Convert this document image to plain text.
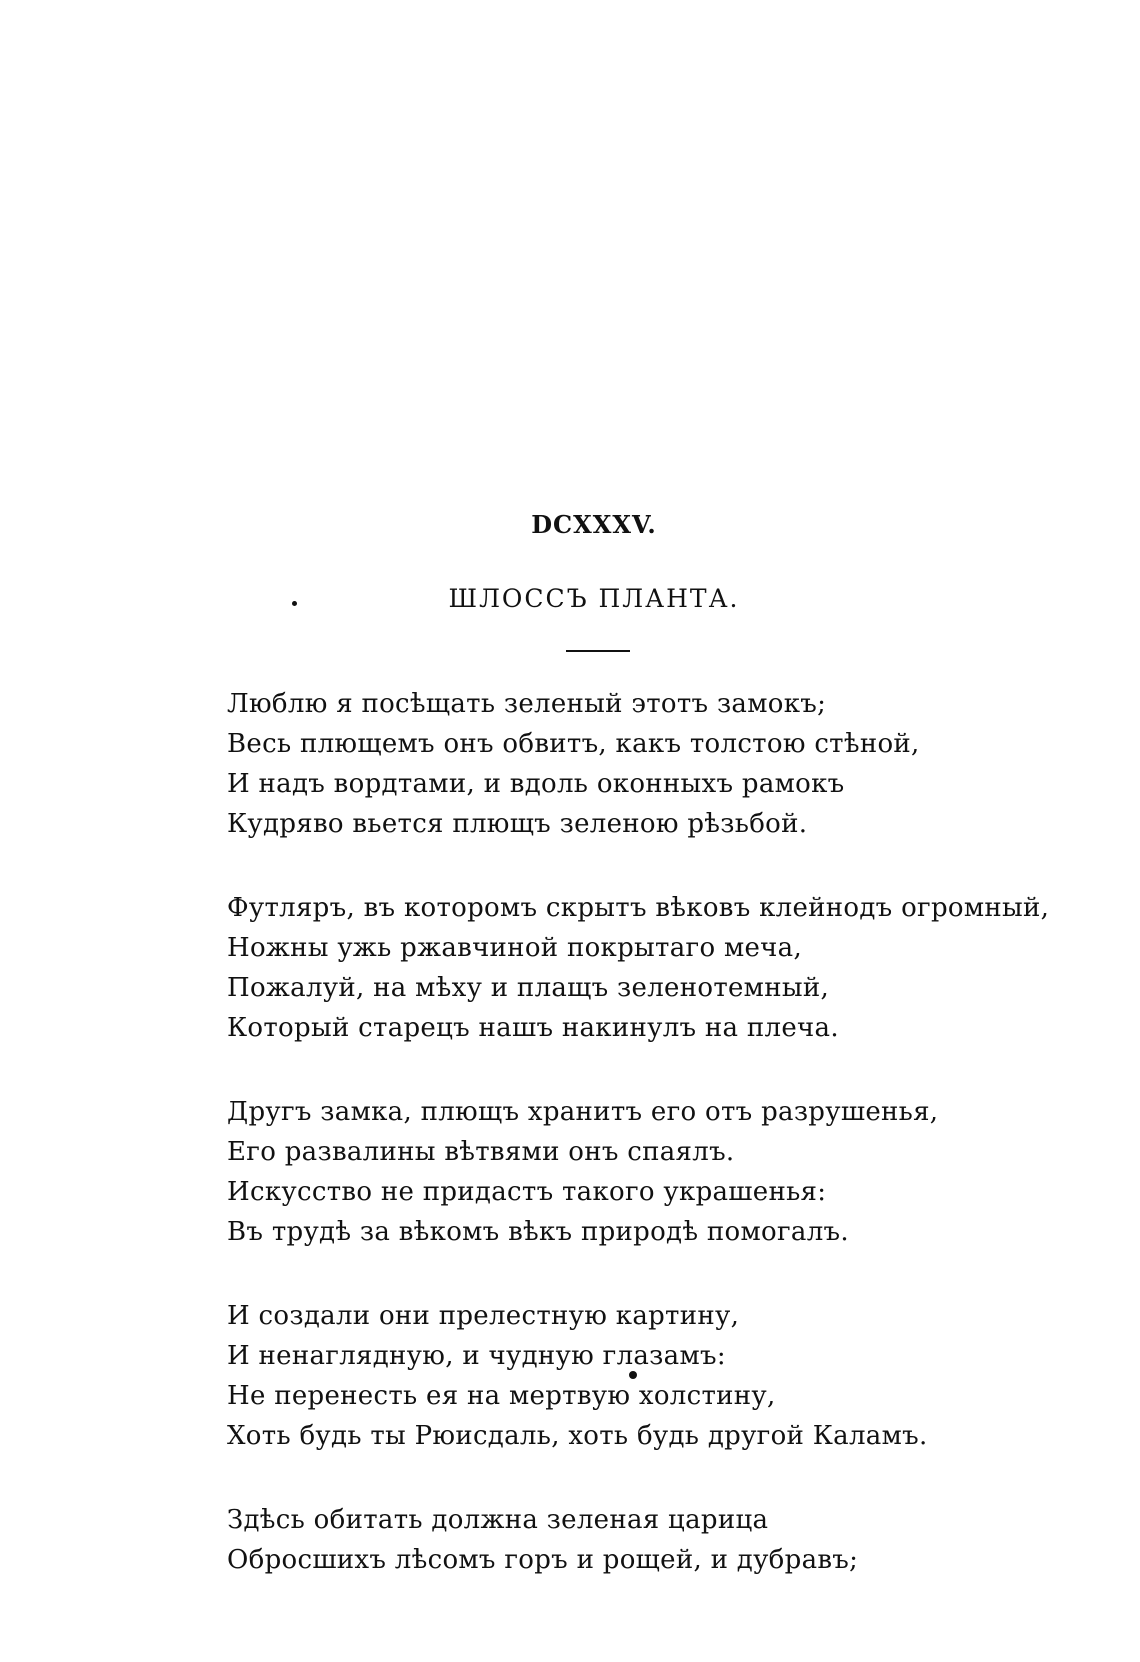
DCXXXV.
ШЛОССЪ ПЛАНТА.
Люблю я посѣщать зеленый этотъ замокъ;
Весь плющемъ онъ обвитъ, какъ толстою стѣной,
И надъ вордтами, и вдоль оконныхъ рамокъ
Кудряво вьется плющъ зеленою рѣзьбой.
Футляръ, въ которомъ скрытъ вѣковъ клейнодъ огромный,
Ножны ужь ржавчиной покрытаго меча,
Пожалуй, на мѣху и плащъ зеленотемный,
Который старецъ нашъ накинулъ на плеча.
Другъ замка, плющъ хранитъ его отъ разрушенья,
Его развалины вѣтвями онъ спаялъ.
Искусство не придастъ такого украшенья:
Въ трудѣ за вѣкомъ вѣкъ природѣ помогалъ.
И создали они прелестную картину,
И ненаглядную, и чудную глазамъ:
Не перенесть ея на мертвую холстину,
Хоть будь ты Рюисдаль, хоть будь другой Каламъ.
Здѣсь обитать должна зеленая царица
Обросшихъ лѣсомъ горъ и рощей, и дубравъ;
